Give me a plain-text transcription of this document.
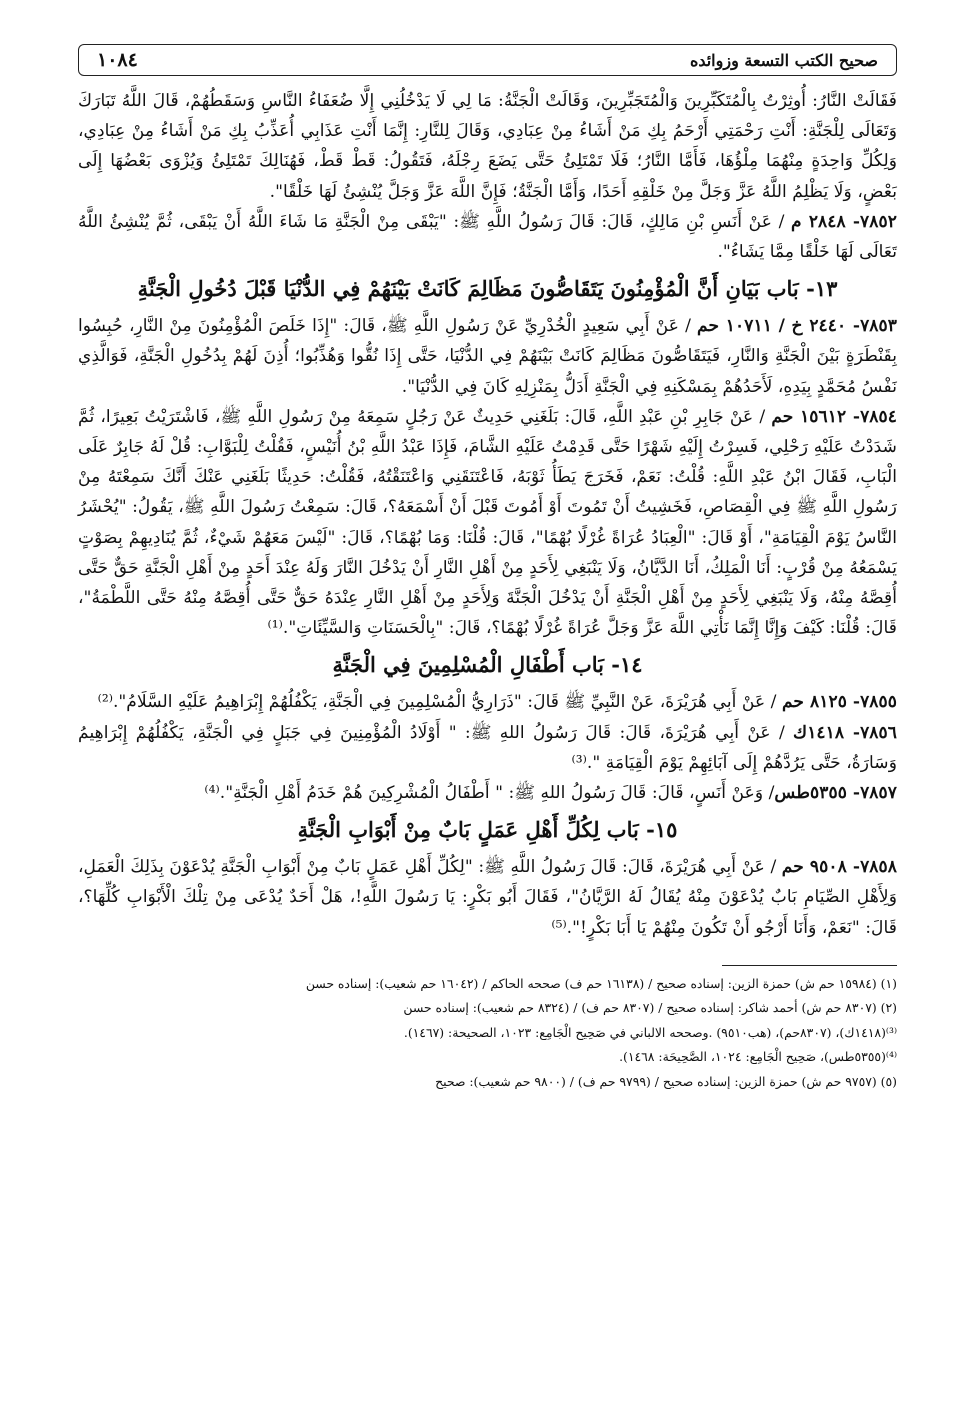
صحيح الكتب التسعة وزوائده
١٠٨٤

فَقَالَتْ النَّارُ: أُوثِرْتُ بِالْمُتَكَبِّرِينَ وَالْمُتَجَبِّرِينَ، وَقَالَتْ الْجَنَّةُ: مَا لِي لَا يَدْخُلُنِي إِلَّا ضُعَفَاءُ النَّاسِ وَسَقَطُهُمْ، قَالَ اللَّهُ تَبَارَكَ وَتَعَالَى لِلْجَنَّةِ: أَنْتِ رَحْمَتِي أَرْحَمُ بِكِ مَنْ أَشَاءُ مِنْ عِبَادِي، وَقَالَ لِلنَّارِ: إِنَّمَا أَنْتِ عَذَابِي أُعَذِّبُ بِكِ مَنْ أَشَاءُ مِنْ عِبَادِي، وَلِكُلِّ وَاحِدَةٍ مِنْهُمَا مِلْؤُهَا، فَأَمَّا النَّارُ؛ فَلَا تَمْتَلِئُ حَتَّى يَضَعَ رِجْلَهُ، فَتَقُولُ: قَطْ قَطْ، فَهُنَالِكَ تَمْتَلِئُ وَيُزْوَى بَعْضُهَا إِلَى بَعْضٍ، وَلَا يَظْلِمُ اللَّهُ عَزَّ وَجَلَّ مِنْ خَلْقِهِ أَحَدًا، وَأَمَّا الْجَنَّةُ؛ فَإِنَّ اللَّهَ عَزَّ وَجَلَّ يُنْشِئُ لَهَا خَلْقًا".

٧٨٥٢- ٢٨٤٨ م / عَنْ أَنَسِ بْنِ مَالِكٍ، قَالَ: قَالَ رَسُولُ اللَّهِ ﷺ: "يَبْقَى مِنْ الْجَنَّةِ مَا شَاءَ اللَّهُ أَنْ يَبْقَى، ثُمَّ يُنْشِئُ اللَّهُ تَعَالَى لَهَا خَلْقًا مِمَّا يَشَاءُ".

١٣- بَاب بَيَانِ أَنَّ الْمُؤْمِنُونَ يَتَقَاصُّونَ مَظَالِمَ كَانَتْ بَيْنَهُمْ فِي الدُّنْيَا قَبْلَ دُخُولِ الْجَنَّةِ

٧٨٥٣- ٢٤٤٠ خ / ١٠٧١١ حم / عَنْ أَبِي سَعِيدٍ الْخُدْرِيِّ عَنْ رَسُولِ اللَّهِ ﷺ، قَالَ: "إِذَا خَلَصَ الْمُؤْمِنُونَ مِنْ النَّارِ، حُبِسُوا بِقَنْطَرَةٍ بَيْنَ الْجَنَّةِ وَالنَّارِ، فَيَتَقَاصُّونَ مَظَالِمَ كَانَتْ بَيْنَهُمْ فِي الدُّنْيَا، حَتَّى إِذَا نُقُّوا وَهُذِّبُوا؛ أُذِنَ لَهُمْ بِدُخُولِ الْجَنَّةِ، فَوَالَّذِي نَفْسُ مُحَمَّدٍ بِيَدِهِ، لَأَحَدُهُمْ بِمَسْكَنِهِ فِي الْجَنَّةِ أَدَلُّ بِمَنْزِلِهِ كَانَ فِي الدُّنْيَا".

٧٨٥٤- ١٥٦١٢ حم / عَنْ جَابِرِ بْنِ عَبْدِ اللَّهِ، قَالَ: بَلَغَنِي حَدِيثٌ عَنْ رَجُلٍ سَمِعَهُ مِنْ رَسُولِ اللَّهِ ﷺ، فَاشْتَرَيْتُ بَعِيرًا، ثُمَّ شَدَدْتُ عَلَيْهِ رَحْلِي، فَسِرْتُ إِلَيْهِ شَهْرًا حَتَّى قَدِمْتُ عَلَيْهِ الشَّامَ، فَإِذَا عَبْدُ اللَّهِ بْنُ أُنَيْسٍ، فَقُلْتُ لِلْبَوَّابِ: قُلْ لَهُ جَابِرٌ عَلَى الْبَابِ، فَقَالَ ابْنُ عَبْدِ اللَّهِ: قُلْتُ: نَعَمْ، فَخَرَجَ يَطَأُ ثَوْبَهُ، فَاعْتَنَقَنِي وَاعْتَنَقْتُهُ، فَقُلْتُ: حَدِيثًا بَلَغَنِي عَنْكَ أَنَّكَ سَمِعْتَهُ مِنْ رَسُولِ اللَّهِ ﷺ فِي الْقِصَاصِ، فَخَشِيتُ أَنْ تَمُوتَ أَوْ أَمُوتَ قَبْلَ أَنْ أَسْمَعَهُ؟، قَالَ: سَمِعْتُ رَسُولَ اللَّهِ ﷺ، يَقُولُ: "يُحْشَرُ النَّاسُ يَوْمَ الْقِيَامَةِ"، أَوْ قَالَ: "الْعِبَادُ عُرَاةً غُرْلًا بُهْمًا"، قَالَ: قُلْنَا: وَمَا بُهْمًا؟، قَالَ: "لَيْسَ مَعَهُمْ شَيْءٌ، ثُمَّ يُنَادِيهِمْ بِصَوْتٍ يَسْمَعُهُ مِنْ قُرْبٍ: أَنَا الْمَلِكُ، أَنَا الدَّيَّانُ، وَلَا يَنْبَغِي لِأَحَدٍ مِنْ أَهْلِ النَّارِ أَنْ يَدْخُلَ النَّارَ وَلَهُ عِنْدَ أَحَدٍ مِنْ أَهْلِ الْجَنَّةِ حَقٌّ حَتَّى أُقِصَّهُ مِنْهُ، وَلَا يَنْبَغِي لِأَحَدٍ مِنْ أَهْلِ الْجَنَّةِ أَنْ يَدْخُلَ الْجَنَّةَ وَلِأَحَدٍ مِنْ أَهْلِ النَّارِ عِنْدَهُ حَقٌّ حَتَّى أُقِصَّهُ مِنْهُ حَتَّى اللَّطْمَةُ"، قَالَ: قُلْنَا: كَيْفَ وَإِنَّا إِنَّمَا نَأْتِي اللَّهَ عَزَّ وَجَلَّ عُرَاةً غُرْلًا بُهْمًا؟، قَالَ: "بِالْحَسَنَاتِ وَالسَّيِّئَاتِ".⁽¹⁾

١٤- بَاب أَطْفَالِ الْمُسْلِمِينَ فِي الْجَنَّةِ

٧٨٥٥- ٨١٢٥ حم / عَنْ أَبِي هُرَيْرَةَ، عَنْ النَّبِيِّ ﷺ قَالَ: "ذَرَارِيُّ الْمُسْلِمِينَ فِي الْجَنَّةِ، يَكْفُلُهُمْ إِبْرَاهِيمُ عَلَيْهِ السَّلَامُ".⁽²⁾

٧٨٥٦- ١٤١٨ك / عَنْ أَبِي هُرَيْرَةَ، قَالَ: قَالَ رَسُولُ اللهِ ﷺ: " أَوْلَادُ الْمُؤْمِنِينَ فِي جَبَلٍ فِي الْجَنَّةِ، يَكْفُلُهُمْ إِبْرَاهِيمُ وَسَارَةُ، حَتَّى يَرُدَّهُمْ إِلَى آبَائِهِمْ يَوْمَ الْقِيَامَةِ ".⁽³⁾

٧٨٥٧- ٥٣٥٥طس/ وَعَنْ أَنَسٍ، قَالَ: قَالَ رَسُولُ اللهِ ﷺ: " أَطْفَالُ الْمُشْرِكِينَ هُمْ خَدَمُ أَهْلِ الْجَنَّةِ".⁽⁴⁾

١٥- بَاب لِكُلِّ أَهْلِ عَمَلٍ بَابٌ مِنْ أَبْوَابِ الْجَنَّةِ

٧٨٥٨- ٩٥٠٨ حم / عَنْ أَبِي هُرَيْرَةَ، قَالَ: قَالَ رَسُولُ اللَّهِ ﷺ: "لِكُلِّ أَهْلِ عَمَلٍ بَابٌ مِنْ أَبْوَابِ الْجَنَّةِ يُدْعَوْنَ بِذَلِكَ الْعَمَلِ، وَلِأَهْلِ الصِّيَامِ بَابٌ يُدْعَوْنَ مِنْهُ يُقَالُ لَهُ الرَّيَّانُ"، فَقَالَ أَبُو بَكْرٍ: يَا رَسُولَ اللَّهِ!، هَلْ أَحَدٌ يُدْعَى مِنْ تِلْكَ الْأَبْوَابِ كُلِّهَا؟، قَالَ: "نَعَمْ، وَأَنَا أَرْجُو أَنْ تَكُونَ مِنْهُمْ يَا أَبَا بَكْرٍ!".⁽⁵⁾

(١) (١٥٩٨٤ حم ش) حمزة الزين: إسناده صحيح / (١٦١٣٨ حم ف) صححه الحاكم / (١٦٠٤٢ حم شعيب): إسناده حسن

(٢) (٨٣٠٧ حم ش) أحمد شاكر: إسناده صحيح / (٨٣٠٧ حم ف) / (٨٣٢٤ حم شعيب): إسناده حسن

⁽³⁾(١٤١٨ك)، (٨٣٠٧حم)، (هب٩٥١٠) .وصححه الالباني في صَحِيح الْجَامِع: ١٠٢٣، الصحيحة: (١٤٦٧).

⁽⁴⁾(٥٣٥٥طس)، صَحِيح الْجَامِع: ١٠٢٤، الصَّحِيحَة: ١٤٦٨).

(٥) (٩٧٥٧ حم ش) حمزة الزين: إسناده صحيح / (٩٧٩٩ حم ف) / (٩٨٠٠ حم شعيب): صحيح
